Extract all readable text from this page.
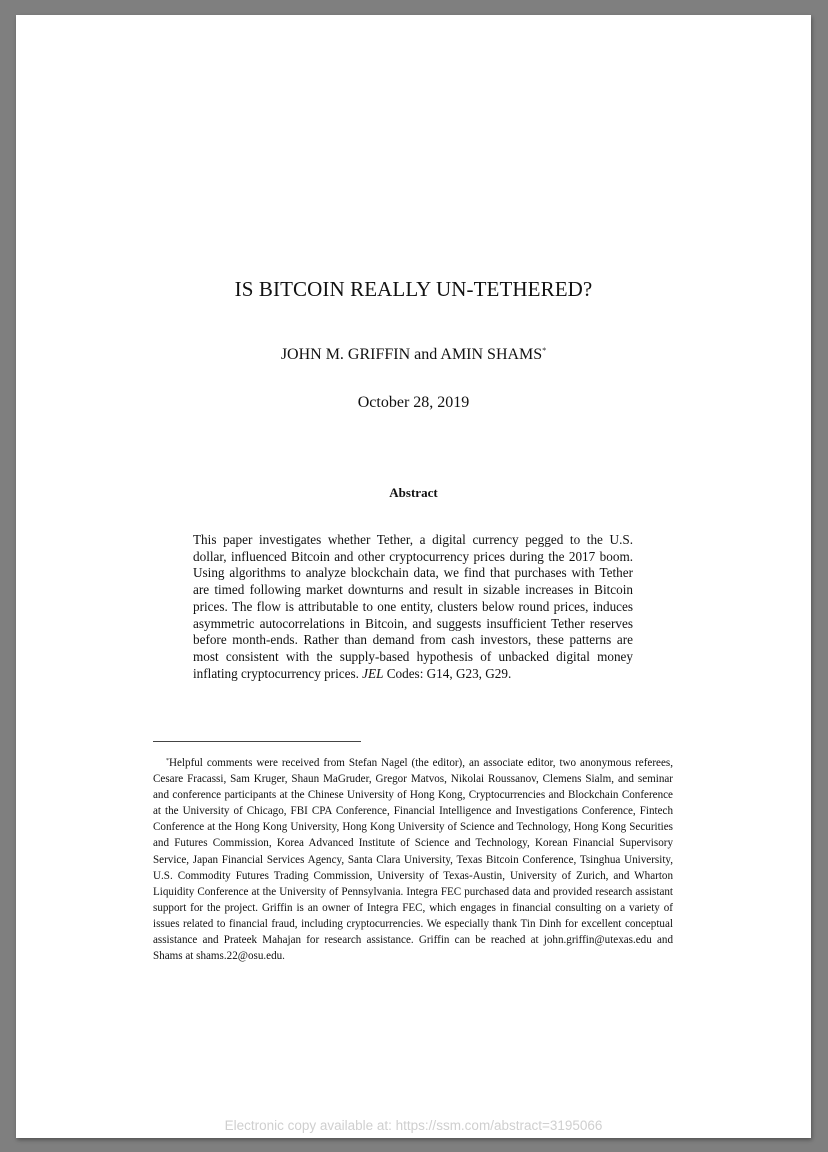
IS BITCOIN REALLY UN-TETHERED?
JOHN M. GRIFFIN and AMIN SHAMS*
October 28, 2019
Abstract
This paper investigates whether Tether, a digital currency pegged to the U.S. dollar, influenced Bitcoin and other cryptocurrency prices during the 2017 boom. Using algorithms to analyze blockchain data, we find that purchases with Tether are timed following market downturns and result in sizable increases in Bitcoin prices. The flow is attributable to one entity, clusters below round prices, induces asymmetric autocorrelations in Bitcoin, and suggests insufficient Tether reserves before month-ends. Rather than demand from cash investors, these patterns are most consistent with the supply-based hypothesis of unbacked digital money inflating cryptocurrency prices. JEL Codes: G14, G23, G29.
*Helpful comments were received from Stefan Nagel (the editor), an associate editor, two anonymous referees, Cesare Fracassi, Sam Kruger, Shaun MaGruder, Gregor Matvos, Nikolai Roussanov, Clemens Sialm, and seminar and conference participants at the Chinese University of Hong Kong, Cryptocurrencies and Blockchain Conference at the University of Chicago, FBI CPA Conference, Financial Intelligence and Investigations Conference, Fintech Conference at the Hong Kong University, Hong Kong University of Science and Technology, Hong Kong Securities and Futures Commission, Korea Advanced Institute of Science and Technology, Korean Financial Supervisory Service, Japan Financial Services Agency, Santa Clara University, Texas Bitcoin Conference, Tsinghua University, U.S. Commodity Futures Trading Commission, University of Texas-Austin, University of Zurich, and Wharton Liquidity Conference at the University of Pennsylvania. Integra FEC purchased data and provided research assistant support for the project. Griffin is an owner of Integra FEC, which engages in financial consulting on a variety of issues related to financial fraud, including cryptocurrencies. We especially thank Tin Dinh for excellent conceptual assistance and Prateek Mahajan for research assistance. Griffin can be reached at john.griffin@utexas.edu and Shams at shams.22@osu.edu.
Electronic copy available at: https://ssm.com/abstract=3195066
